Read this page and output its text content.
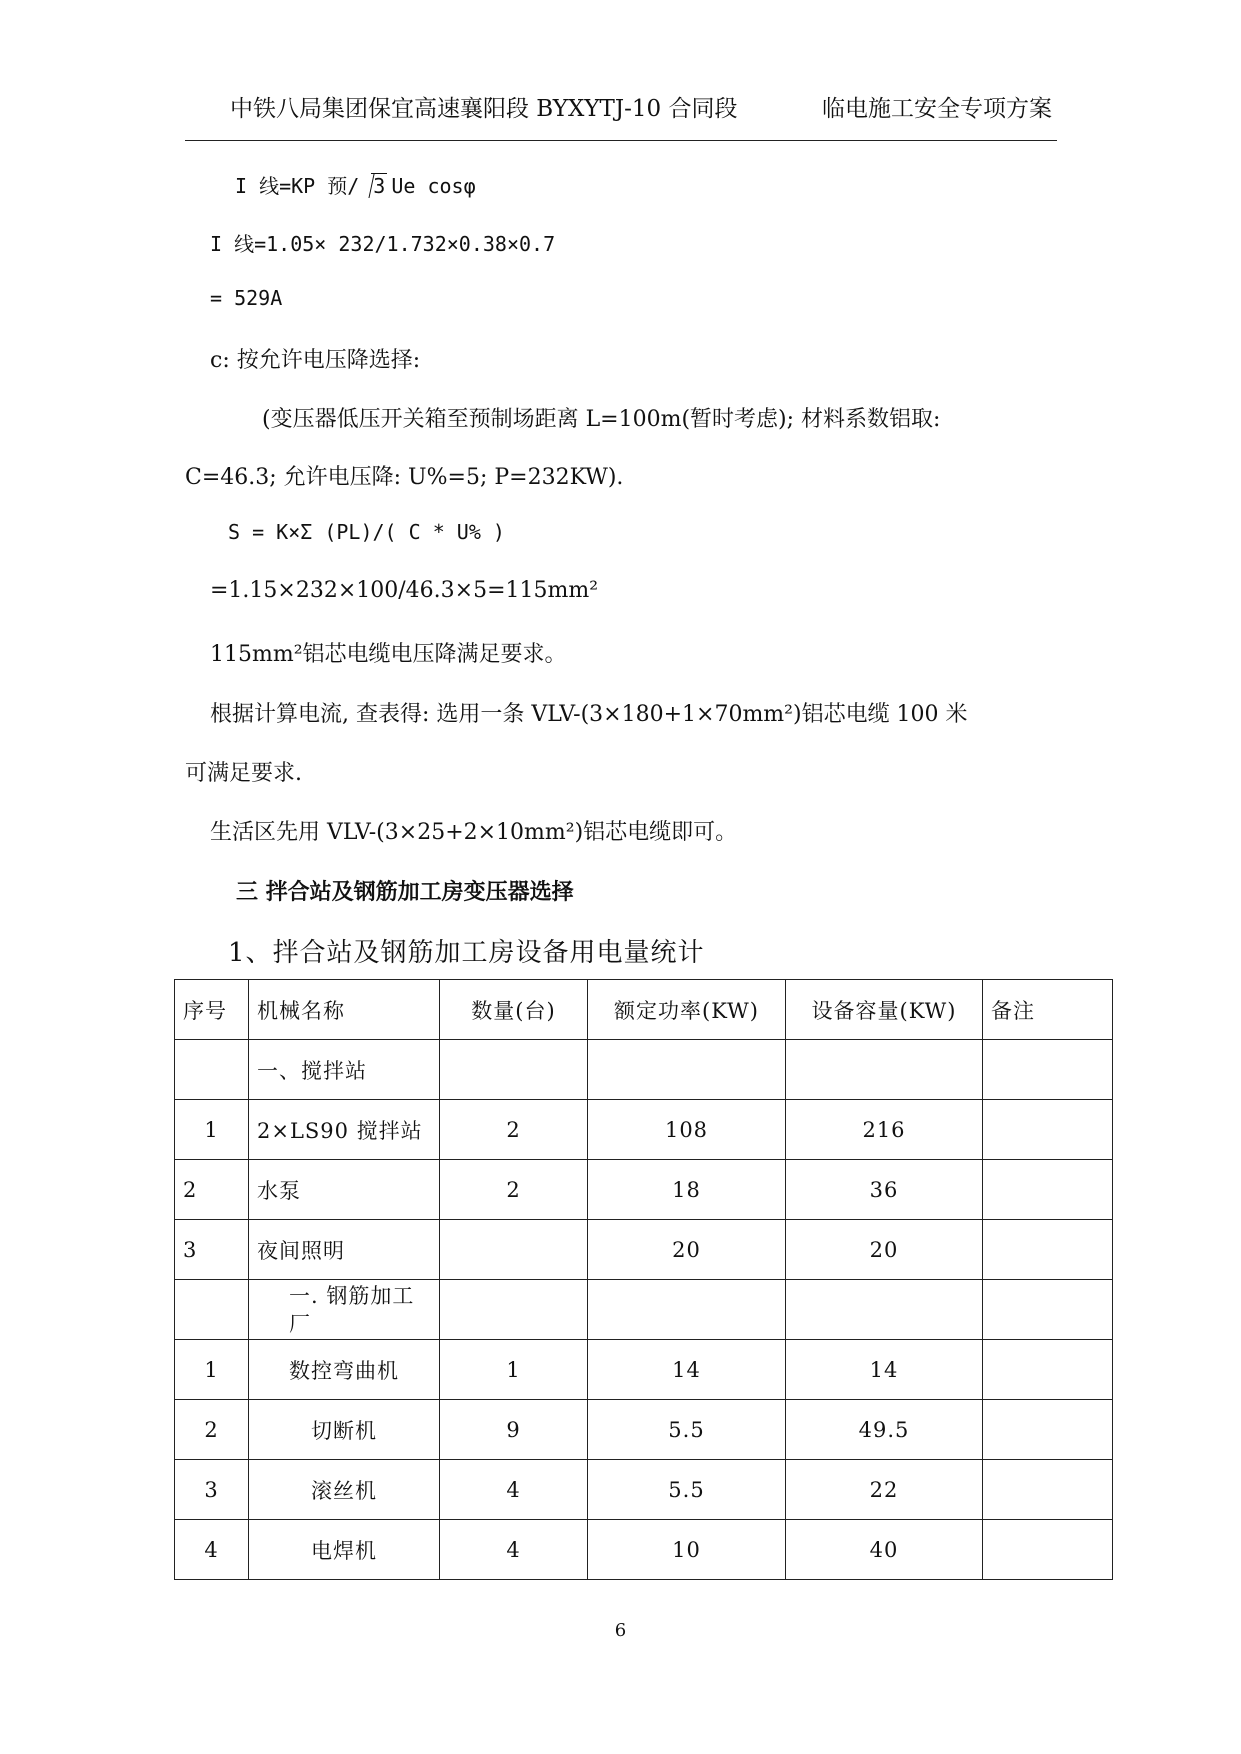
中铁八局集团保宜高速襄阳段 BYXYTJ-10 合同段	临电施工安全专项方案
I 线=KP 预/ 3 Ue cosφ
I 线=1.05× 232/1.732×0.38×0.7
= 529A
c: 按允许电压降选择:
(变压器低压开关箱至预制场距离 L=100m(暂时考虑); 材料系数铝取:
C=46.3; 允许电压降: U%=5; P=232KW).
S = K×Σ (PL)/( C * U% )
=1.15×232×100/46.3×5=115mm²
115mm²铝芯电缆电压降满足要求。
根据计算电流, 查表得: 选用一条 VLV-(3×180+1×70mm²)铝芯电缆 100 米
可满足要求.
生活区先用 VLV-(3×25+2×10mm²)铝芯电缆即可。
三 拌合站及钢筋加工房变压器选择
1、拌合站及钢筋加工房设备用电量统计
序号	机械名称	数量(台)	额定功率(KW)	设备容量(KW)	备注
	一、搅拌站				
1	2×LS90 搅拌站	2	108	216	
2	水泵	2	18	36	
3	夜间照明		20	20	
	一. 钢筋加工厂				
1	数控弯曲机	1	14	14	
2	切断机	9	5.5	49.5	
3	滚丝机	4	5.5	22	
4	电焊机	4	10	40	
6
